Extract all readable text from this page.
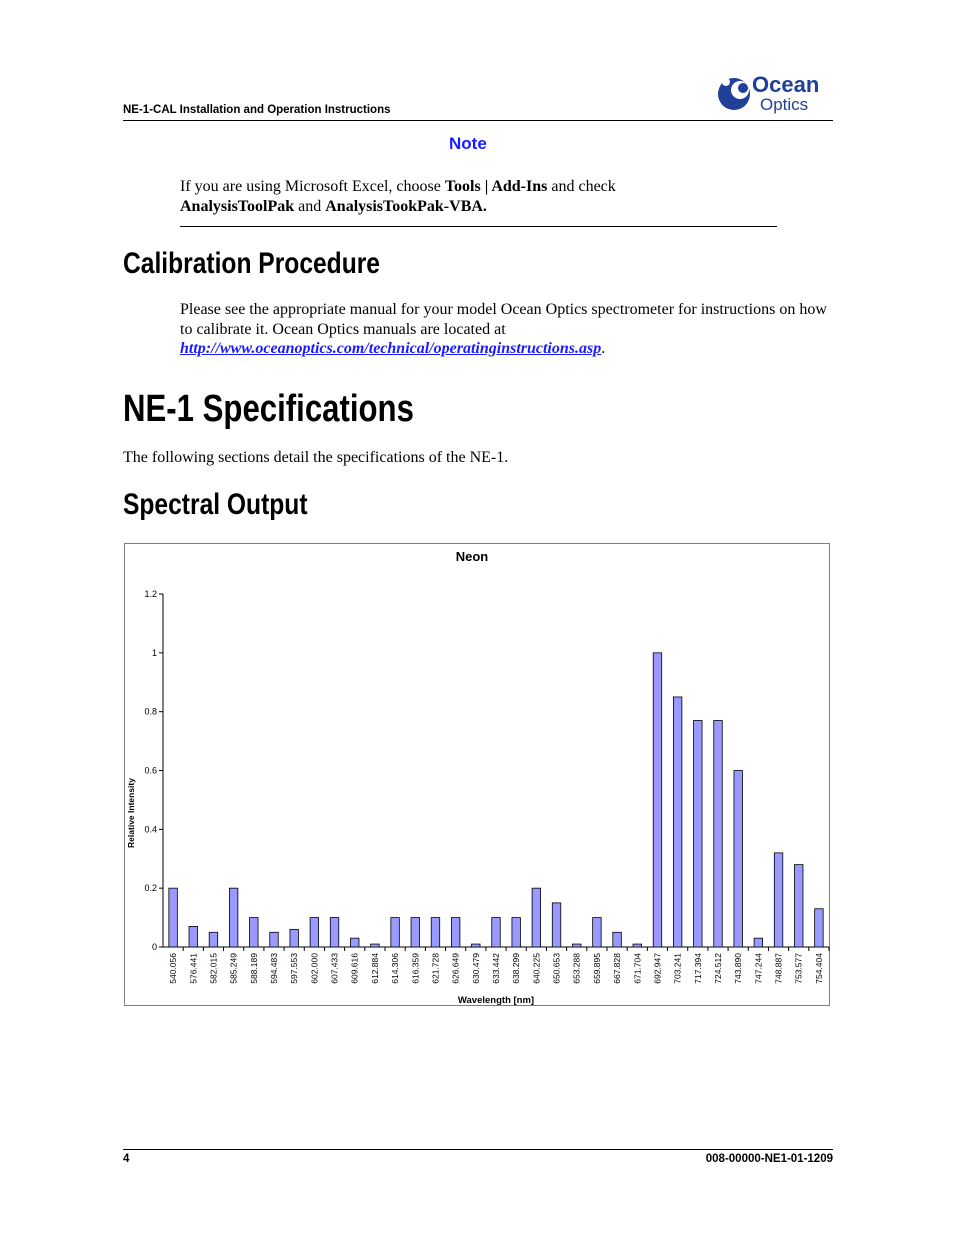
NE-1-CAL Installation and Operation Instructions
Ocean
Optics
Note
If you are using Microsoft Excel, choose Tools | Add-Ins and check
AnalysisToolPak and AnalysisTookPak-VBA.
Calibration Procedure
Please see the appropriate manual for your model Ocean Optics spectrometer for instructions on how to calibrate it. Ocean Optics manuals are located at http://www.oceanoptics.com/technical/operatinginstructions.asp.
NE-1 Specifications
The following sections detail the specifications of the NE-1.
Spectral Output
Neon
Relative Intensity
Wavelength [nm]
0
0.2
0.4
0.6
0.8
1
1.2
540.056 576.441 582.015 585.249 588.189 594.483 597.553 602.000 607.433 609.616 612.884 614.306 616.359 621.728 626.649 630.479 633.442 638.299 640.225 650.653 653.288 659.895 667.828 671.704 692.947 703.241 717.394 724.512 743.890 747.244 748.887 753.577 754.404
4	008-00000-NE1-01-1209
